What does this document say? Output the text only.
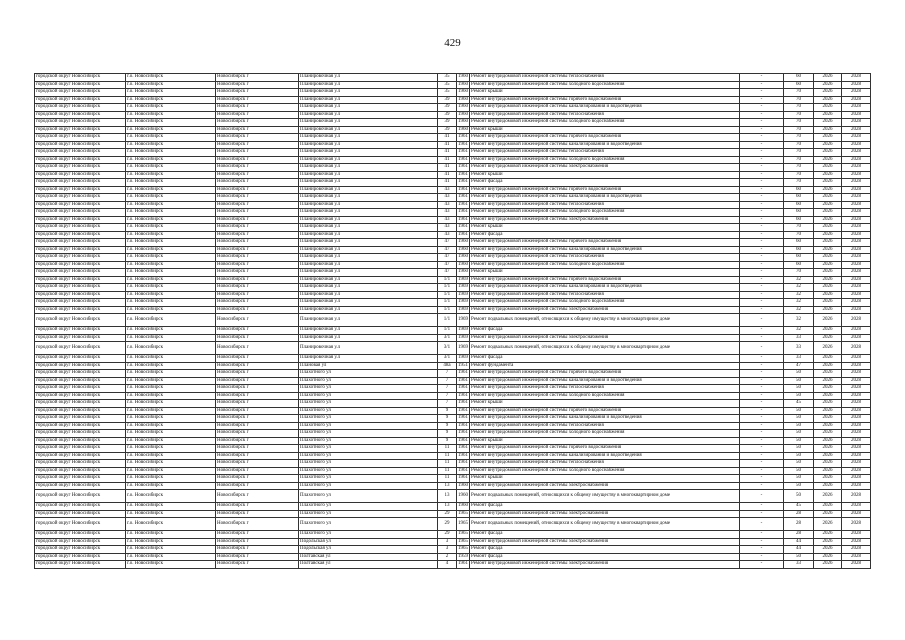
429
городской округ Новосибирск	г.о. Новосибирск	Новосибирск г	Планировочная у.л	35	1960	Ремонт внутридомовой инженерной системы теплоснабжения	-	60	2026	2028
городской округ Новосибирск	г.о. Новосибирск	Новосибирск г	Планировочная у.л	35	1960	Ремонт внутридомовой инженерной системы холодного водоснабжения	-	60	2026	2028
городской округ Новосибирск	г.о. Новосибирск	Новосибирск г	Планировочная у.л	35	1960	Ремонт крыши	-	70	2026	2028
городской округ Новосибирск	г.о. Новосибирск	Новосибирск г	Планировочная у.л	39	1960	Ремонт внутридомовой инженерной системы горячего водоснабжения	-	70	2026	2028
городской округ Новосибирск	г.о. Новосибирск	Новосибирск г	Планировочная у.л	39	1960	Ремонт внутридомовой инженерной системы канализирования и водоотведения	-	70	2026	2028
городской округ Новосибирск	г.о. Новосибирск	Новосибирск г	Планировочная у.л	39	1960	Ремонт внутридомовой инженерной системы теплоснабжения	-	70	2026	2028
городской округ Новосибирск	г.о. Новосибирск	Новосибирск г	Планировочная у.л	39	1960	Ремонт внутридомовой инженерной системы холодного водоснабжения	-	70	2026	2028
городской округ Новосибирск	г.о. Новосибирск	Новосибирск г	Планировочная у.л	39	1960	Ремонт крыши	-	70	2026	2028
городской округ Новосибирск	г.о. Новосибирск	Новосибирск г	Планировочная у.л	41	1961	Ремонт внутридомовой инженерной системы горячего водоснабжения	-	70	2026	2028
городской округ Новосибирск	г.о. Новосибирск	Новосибирск г	Планировочная у.л	41	1961	Ремонт внутридомовой инженерной системы канализирования и водоотведения	-	70	2026	2028
городской округ Новосибирск	г.о. Новосибирск	Новосибирск г	Планировочная у.л	41	1961	Ремонт внутридомовой инженерной системы теплоснабжения	-	70	2026	2028
городской округ Новосибирск	г.о. Новосибирск	Новосибирск г	Планировочная у.л	41	1961	Ремонт внутридомовой инженерной системы холодного водоснабжения	-	70	2026	2028
городской округ Новосибирск	г.о. Новосибирск	Новосибирск г	Планировочная у.л	41	1961	Ремонт внутридомовой инженерной системы электроснабжения	-	70	2026	2028
городской округ Новосибирск	г.о. Новосибирск	Новосибирск г	Планировочная у.л	41	1961	Ремонт крыши	-	70	2026	2028
городской округ Новосибирск	г.о. Новосибирск	Новосибирск г	Планировочная у.л	41	1961	Ремонт фасада	-	70	2026	2028
городской округ Новосибирск	г.о. Новосибирск	Новосибирск г	Планировочная у.л	43	1961	Ремонт внутридомовой инженерной системы горячего водоснабжения	-	60	2026	2028
городской округ Новосибирск	г.о. Новосибирск	Новосибирск г	Планировочная у.л	43	1961	Ремонт внутридомовой инженерной системы канализирования и водоотведения	-	60	2026	2028
городской округ Новосибирск	г.о. Новосибирск	Новосибирск г	Планировочная у.л	43	1961	Ремонт внутридомовой инженерной системы теплоснабжения	-	60	2026	2028
городской округ Новосибирск	г.о. Новосибирск	Новосибирск г	Планировочная у.л	43	1961	Ремонт внутридомовой инженерной системы холодного водоснабжения	-	60	2026	2028
городской округ Новосибирск	г.о. Новосибирск	Новосибирск г	Планировочная у.л	43	1961	Ремонт внутридомовой инженерной системы электроснабжения	-	60	2026	2028
городской округ Новосибирск	г.о. Новосибирск	Новосибирск г	Планировочная у.л	43	1961	Ремонт крыши	-	70	2026	2028
городской округ Новосибирск	г.о. Новосибирск	Новосибирск г	Планировочная у.л	43	1961	Ремонт фасада	-	70	2026	2028
городской округ Новосибирск	г.о. Новосибирск	Новосибирск г	Планировочная у.л	47	1960	Ремонт внутридомовой инженерной системы горячего водоснабжения	-	60	2026	2028
городской округ Новосибирск	г.о. Новосибирск	Новосибирск г	Планировочная у.л	47	1960	Ремонт внутридомовой инженерной системы канализирования и водоотведения	-	60	2026	2028
городской округ Новосибирск	г.о. Новосибирск	Новосибирск г	Планировочная у.л	47	1960	Ремонт внутридомовой инженерной системы теплоснабжения	-	60	2026	2028
городской округ Новосибирск	г.о. Новосибирск	Новосибирск г	Планировочная у.л	47	1960	Ремонт внутридомовой инженерной системы холодного водоснабжения	-	60	2026	2028
городской округ Новосибирск	г.о. Новосибирск	Новосибирск г	Планировочная у.л	47	1960	Ремонт крыши	-	70	2026	2028
городской округ Новосибирск	г.о. Новосибирск	Новосибирск г	Планировочная у.л	1/1	1969	Ремонт внутридомовой инженерной системы горячего водоснабжения	-	32	2026	2028
городской округ Новосибирск	г.о. Новосибирск	Новосибирск г	Планировочная у.л	1/1	1969	Ремонт внутридомовой инженерной системы канализирования и водоотведения	-	32	2026	2028
городской округ Новосибирск	г.о. Новосибирск	Новосибирск г	Планировочная у.л	1/1	1969	Ремонт внутридомовой инженерной системы теплоснабжения	-	32	2026	2028
городской округ Новосибирск	г.о. Новосибирск	Новосибирск г	Планировочная у.л	1/1	1969	Ремонт внутридомовой инженерной системы холодного водоснабжения	-	32	2026	2028
городской округ Новосибирск	г.о. Новосибирск	Новосибирск г	Планировочная у.л	1/1	1969	Ремонт внутридомовой инженерной системы электроснабжения	-	32	2026	2028
городской округ Новосибирск	г.о. Новосибирск	Новосибирск г	Планировочная у.л	1/1	1969	Ремонт подвальных помещений, относящихся к общему имуществу в многоквартирном доме	-	32	2026	2028
городской округ Новосибирск	г.о. Новосибирск	Новосибирск г	Планировочная у.л	1/1	1969	Ремонт фасада	-	32	2026	2028
городской округ Новосибирск	г.о. Новосибирск	Новосибирск г	Планировочная у.л	3/1	1969	Ремонт внутридомовой инженерной системы электроснабжения	-	33	2026	2028
городской округ Новосибирск	г.о. Новосибирск	Новосибирск г	Планировочная у.л	3/1	1969	Ремонт подвальных помещений, относящихся к общему имуществу в многоквартирном доме	-	33	2026	2028
городской округ Новосибирск	г.о. Новосибирск	Новосибирск г	Планировочная у.л	3/1	1969	Ремонт фасада	-	33	2026	2028
городской округ Новосибирск	г.о. Новосибирск	Новосибирск г	Плановая ул	48а	1951	Ремонт фундамента	-	47	2026	2028
городской округ Новосибирск	г.о. Новосибирск	Новосибирск г	Плахотного ул	7	1961	Ремонт внутридомовой инженерной системы горячего водоснабжения	-	50	2026	2028
городской округ Новосибирск	г.о. Новосибирск	Новосибирск г	Плахотного ул	7	1961	Ремонт внутридомовой инженерной системы канализирования и водоотведения	-	50	2026	2028
городской округ Новосибирск	г.о. Новосибирск	Новосибирск г	Плахотного ул	7	1961	Ремонт внутридомовой инженерной системы теплоснабжения	-	50	2026	2028
городской округ Новосибирск	г.о. Новосибирск	Новосибирск г	Плахотного ул	7	1961	Ремонт внутридомовой инженерной системы холодного водоснабжения	-	50	2026	2028
городской округ Новосибирск	г.о. Новосибирск	Новосибирск г	Плахотного ул	7	1961	Ремонт крыши	-	45	2026	2028
городской округ Новосибирск	г.о. Новосибирск	Новосибирск г	Плахотного ул	9	1961	Ремонт внутридомовой инженерной системы горячего водоснабжения	-	50	2026	2028
городской округ Новосибирск	г.о. Новосибирск	Новосибирск г	Плахотного ул	9	1961	Ремонт внутридомовой инженерной системы канализирования и водоотведения	-	50	2026	2028
городской округ Новосибирск	г.о. Новосибирск	Новосибирск г	Плахотного ул	9	1961	Ремонт внутридомовой инженерной системы теплоснабжения	-	50	2026	2028
городской округ Новосибирск	г.о. Новосибирск	Новосибирск г	Плахотного ул	9	1961	Ремонт внутридомовой инженерной системы холодного водоснабжения	-	50	2026	2028
городской округ Новосибирск	г.о. Новосибирск	Новосибирск г	Плахотного ул	9	1961	Ремонт крыши	-	50	2026	2028
городской округ Новосибирск	г.о. Новосибирск	Новосибирск г	Плахотного ул	11	1961	Ремонт внутридомовой инженерной системы горячего водоснабжения	-	50	2026	2028
городской округ Новосибирск	г.о. Новосибирск	Новосибирск г	Плахотного ул	11	1961	Ремонт внутридомовой инженерной системы канализирования и водоотведения	-	50	2026	2028
городской округ Новосибирск	г.о. Новосибирск	Новосибирск г	Плахотного ул	11	1961	Ремонт внутридомовой инженерной системы теплоснабжения	-	50	2026	2028
городской округ Новосибирск	г.о. Новосибирск	Новосибирск г	Плахотного ул	11	1961	Ремонт внутридомовой инженерной системы холодного водоснабжения	-	50	2026	2028
городской округ Новосибирск	г.о. Новосибирск	Новосибирск г	Плахотного ул	11	1961	Ремонт крыши	-	50	2026	2028
городской округ Новосибирск	г.о. Новосибирск	Новосибирск г	Плахотного ул	13	1960	Ремонт внутридомовой инженерной системы электроснабжения	-	50	2026	2028
городской округ Новосибирск	г.о. Новосибирск	Новосибирск г	Плахотного ул	13	1960	Ремонт подвальных помещений, относящихся к общему имуществу в многоквартирном доме	-	50	2026	2028
городской округ Новосибирск	г.о. Новосибирск	Новосибирск г	Плахотного ул	13	1960	Ремонт фасада	-	45	2026	2028
городской округ Новосибирск	г.о. Новосибирск	Новосибирск г	Плахотного ул	29	1965	Ремонт внутридомовой инженерной системы электроснабжения	-	28	2026	2028
городской округ Новосибирск	г.о. Новосибирск	Новосибирск г	Плахотного ул	29	1965	Ремонт подвальных помещений, относящихся к общему имуществу в многоквартирном доме	-	28	2026	2028
городской округ Новосибирск	г.о. Новосибирск	Новосибирск г	Плахотного ул	29	1965	Ремонт фасада	-	28	2026	2028
городской округ Новосибирск	г.о. Новосибирск	Новосибирск г	Подольская ул	3	1965	Ремонт внутридомовой инженерной системы электроснабжения	-	44	2026	2028
городской округ Новосибирск	г.о. Новосибирск	Новосибирск г	Подольская ул	3	1965	Ремонт фасада	-	44	2026	2028
городской округ Новосибирск	г.о. Новосибирск	Новосибирск г	Полтавская ул	2	1959	Ремонт фасада	-	50	2026	2028
городской округ Новосибирск	г.о. Новосибирск	Новосибирск г	Полтавская ул	4	1961	Ремонт внутридомовой инженерной системы электроснабжения	-	33	2026	2028
